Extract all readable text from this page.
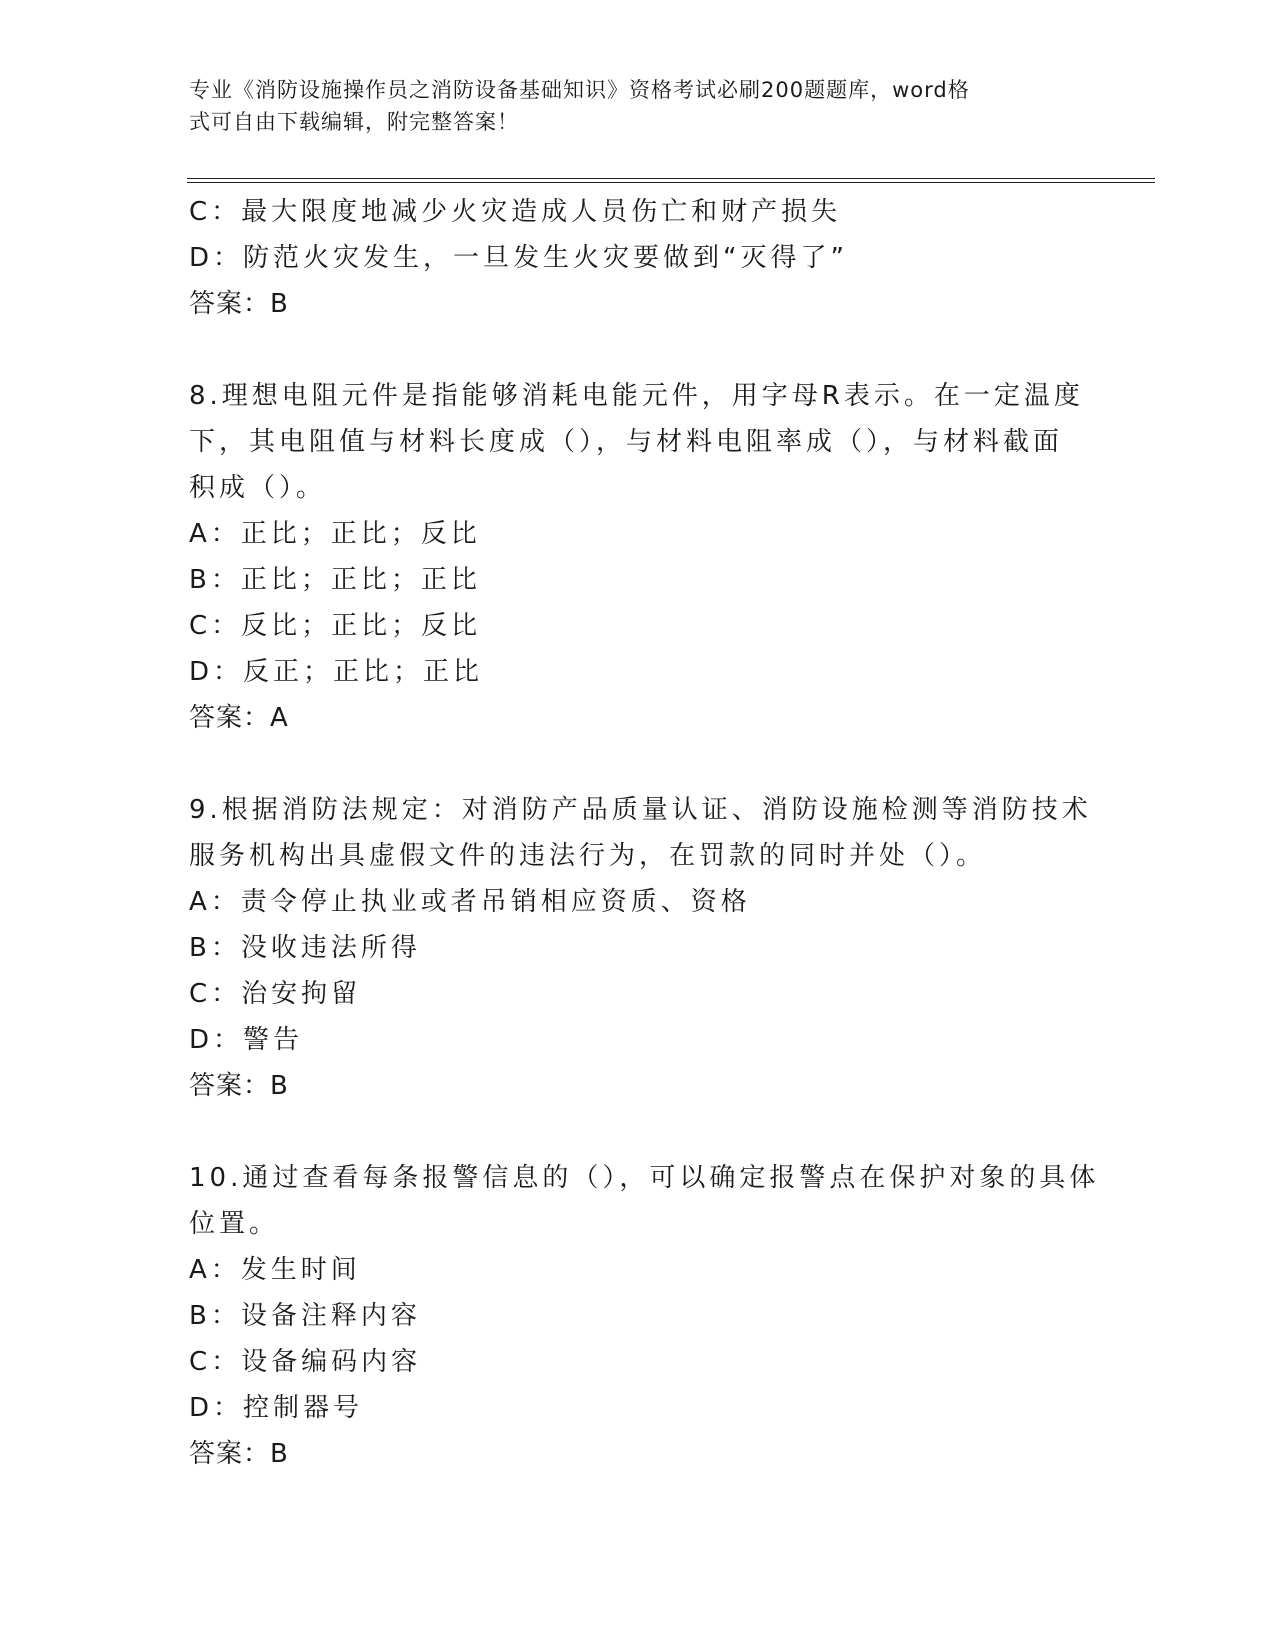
专业《消防设施操作员之消防设备基础知识》资格考试必刷200题题库，word格
式可自由下载编辑，附完整答案！
C：最大限度地减少火灾造成人员伤亡和财产损失
D：防范火灾发生，一旦发生火灾要做到“灭得了”
答案：B
8.理想电阻元件是指能够消耗电能元件，用字母R表示。在一定温度
下，其电阻值与材料长度成（），与材料电阻率成（），与材料截面
积成（）。
A：正比；正比；反比
B：正比；正比；正比
C：反比；正比；反比
D：反正；正比；正比
答案：A
9.根据消防法规定：对消防产品质量认证、消防设施检测等消防技术
服务机构出具虚假文件的违法行为，在罚款的同时并处（）。
A：责令停止执业或者吊销相应资质、资格
B：没收违法所得
C：治安拘留
D：警告
答案：B
10.通过查看每条报警信息的（），可以确定报警点在保护对象的具体
位置。
A：发生时间
B：设备注释内容
C：设备编码内容
D：控制器号
答案：B
